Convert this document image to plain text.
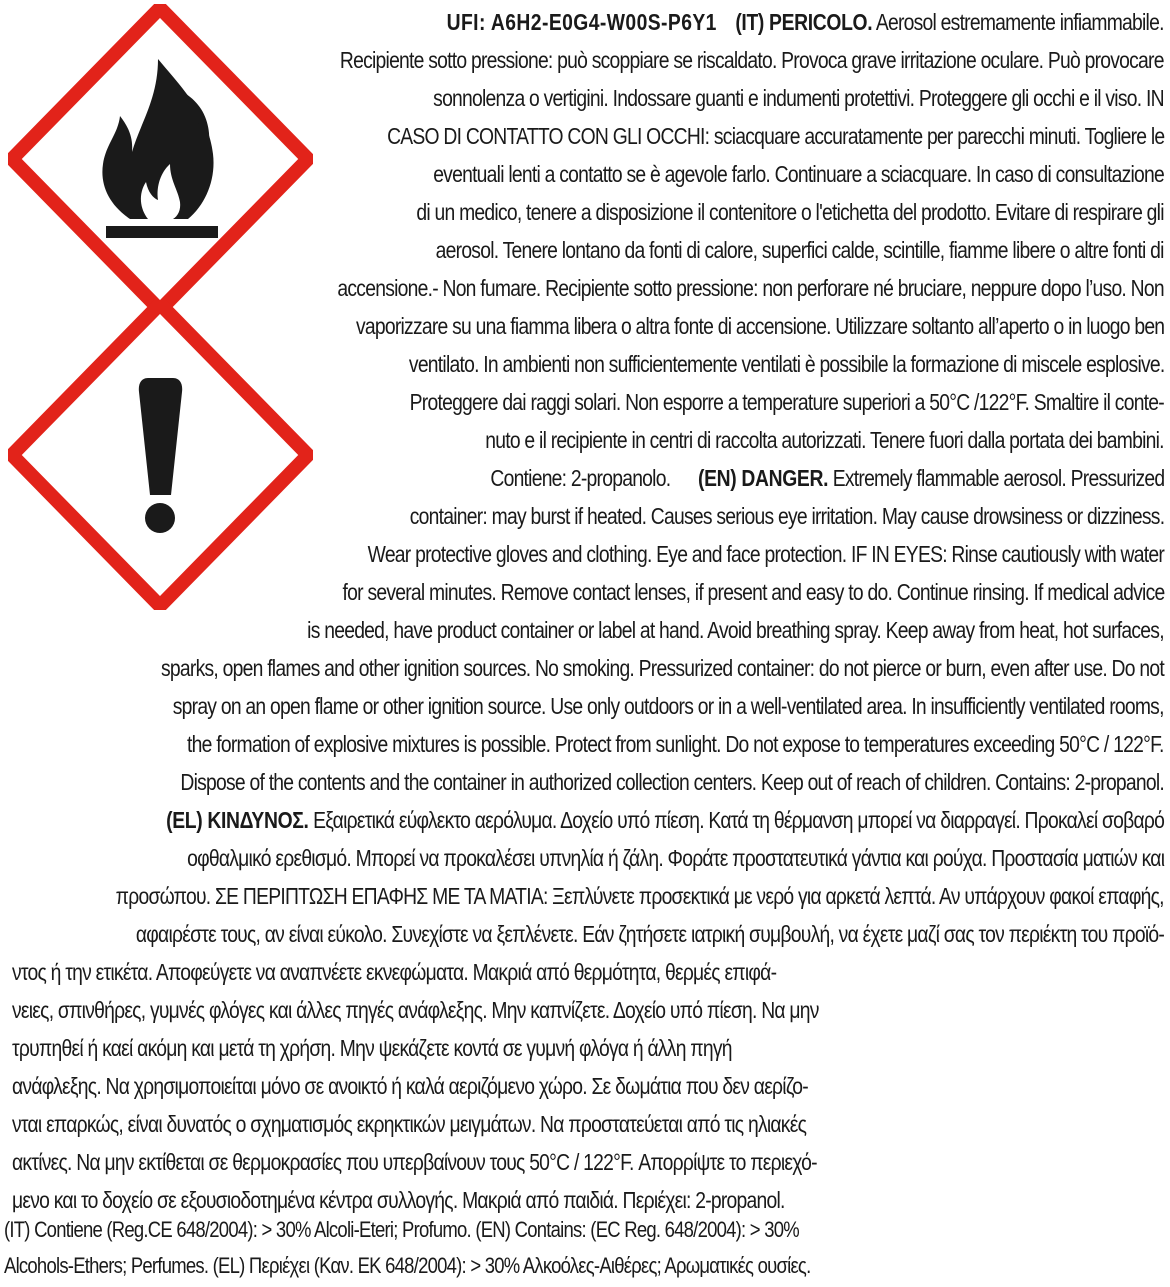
UFI: A6H2-E0G4-W00S-P6Y1 (IT) PERICOLO. Aerosol estremamente infiammabile.
Recipiente sotto pressione: può scoppiare se riscaldato. Provoca grave irritazione oculare. Può provocare
sonnolenza o vertigini. Indossare guanti e indumenti protettivi. Proteggere gli occhi e il viso. IN
CASO DI CONTATTO CON GLI OCCHI: sciacquare accuratamente per parecchi minuti. Togliere le
eventuali lenti a contatto se è agevole farlo. Continuare a sciacquare. In caso di consultazione
di un medico, tenere a disposizione il contenitore o l'etichetta del prodotto. Evitare di respirare gli
aerosol. Tenere lontano da fonti di calore, superfici calde, scintille, fiamme libere o altre fonti di
accensione.- Non fumare. Recipiente sotto pressione: non perforare né bruciare, neppure dopo l’uso. Non
vaporizzare su una fiamma libera o altra fonte di accensione. Utilizzare soltanto all’aperto o in luogo ben
ventilato. In ambienti non sufficientemente ventilati è possibile la formazione di miscele esplosive.
Proteggere dai raggi solari. Non esporre a temperature superiori a 50°C /122°F. Smaltire il conte-
nuto e il recipiente in centri di raccolta autorizzati. Tenere fuori dalla portata dei bambini.
Contiene: 2-propanolo. (EN) DANGER. Extremely flammable aerosol. Pressurized
container: may burst if heated. Causes serious eye irritation. May cause drowsiness or dizziness.
Wear protective gloves and clothing. Eye and face protection. IF IN EYES: Rinse cautiously with water
for several minutes. Remove contact lenses, if present and easy to do. Continue rinsing. If medical advice
is needed, have product container or label at hand. Avoid breathing spray. Keep away from heat, hot surfaces,
sparks, open flames and other ignition sources. No smoking. Pressurized container: do not pierce or burn, even after use. Do not
spray on an open flame or other ignition source. Use only outdoors or in a well-ventilated area. In insufficiently ventilated rooms,
the formation of explosive mixtures is possible. Protect from sunlight. Do not expose to temperatures exceeding 50°C / 122°F.
Dispose of the contents and the container in authorized collection centers. Keep out of reach of children. Contains: 2-propanol.
(EL) ΚΙΝΔΥΝΟΣ. Εξαιρετικά εύφλεκτο αερόλυμα. Δοχείο υπό πίεση. Κατά τη θέρμανση μπορεί να διαρραγεί. Προκαλεί σοβαρό
οφθαλμικό ερεθισμό. Μπορεί να προκαλέσει υπνηλία ή ζάλη. Φοράτε προστατευτικά γάντια και ρούχα. Προστασία ματιών και
προσώπου. ΣΕ ΠΕΡΙΠΤΩΣΗ ΕΠΑΦΗΣ ΜΕ ΤΑ ΜΑΤΙΑ: Ξεπλύνετε προσεκτικά με νερό για αρκετά λεπτά. Αν υπάρχουν φακοί επαφής,
αφαιρέστε τους, αν είναι εύκολο. Συνεχίστε να ξεπλένετε. Εάν ζητήσετε ιατρική συμβουλή, να έχετε μαζί σας τον περιέκτη του προϊό-
ντος ή την ετικέτα. Αποφεύγετε να αναπνέετε εκνεφώματα. Μακριά από θερμότητα, θερμές επιφά-
νειες, σπινθήρες, γυμνές φλόγες και άλλες πηγές ανάφλεξης. Μην καπνίζετε. Δοχείο υπό πίεση. Να μην
τρυπηθεί ή καεί ακόμη και μετά τη χρήση. Μην ψεκάζετε κοντά σε γυμνή φλόγα ή άλλη πηγή
ανάφλεξης. Να χρησιμοποιείται μόνο σε ανοικτό ή καλά αεριζόμενο χώρο. Σε δωμάτια που δεν αερίζο-
νται επαρκώς, είναι δυνατός ο σχηματισμός εκρηκτικών μειγμάτων. Να προστατεύεται από τις ηλιακές
ακτίνες. Να μην εκτίθεται σε θερμοκρασίες που υπερβαίνουν τους 50°C / 122°F. Απορρίψτε το περιεχό-
μενο και το δοχείο σε εξουσιοδοτημένα κέντρα συλλογής. Μακριά από παιδιά. Περιέχει: 2-propanol.
(IT) Contiene (Reg.CE 648/2004): > 30% Alcoli-Eteri; Profumo. (EN) Contains: (EC Reg. 648/2004): > 30%
Alcohols-Ethers; Perfumes. (EL) Περιέχει (Καν. ΕΚ 648/2004): > 30% Αλκοόλες-Αιθέρες; Αρωματικές ουσίες.
